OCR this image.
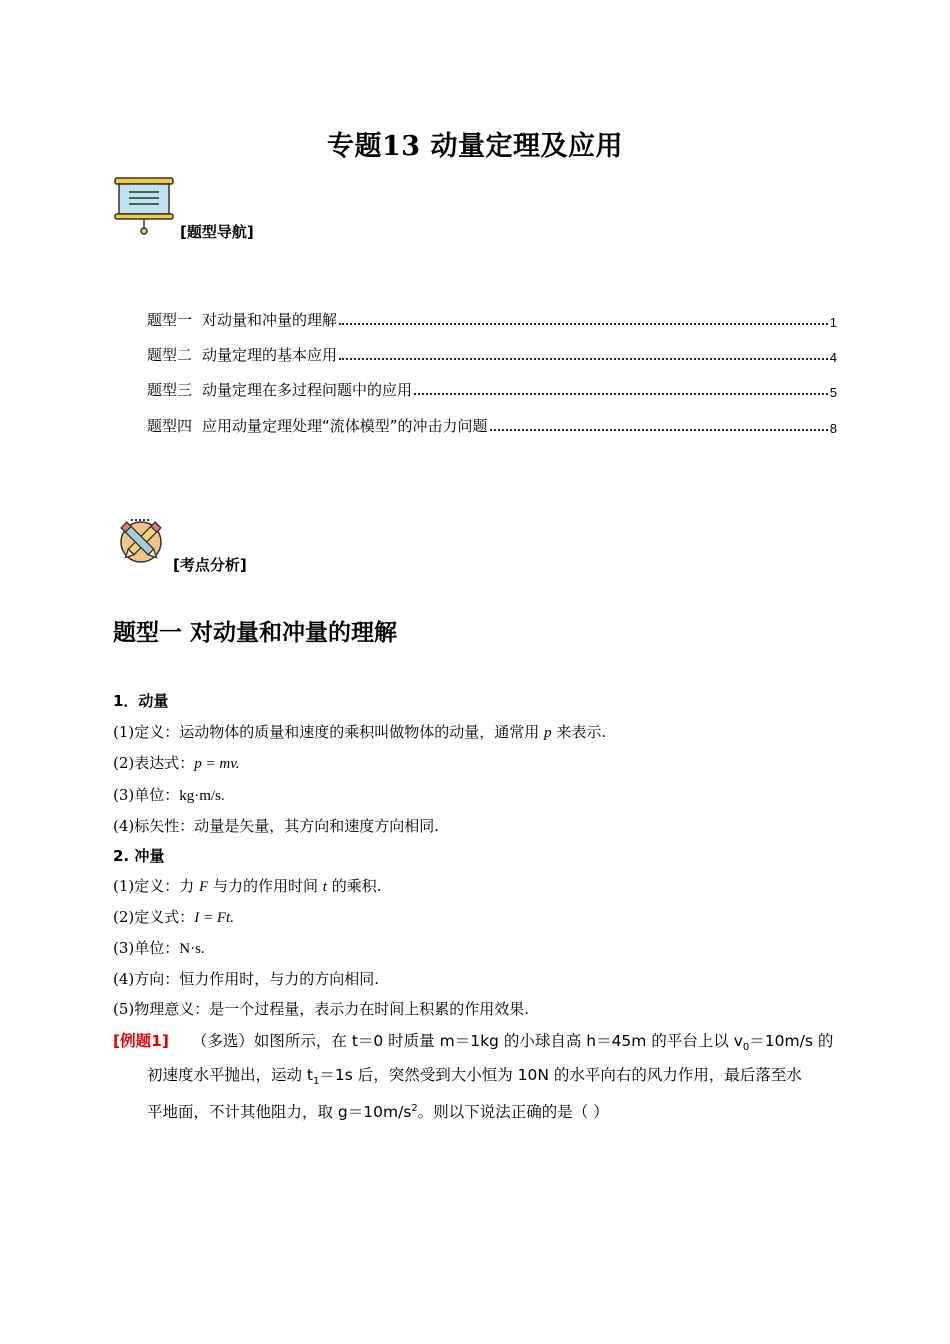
专题13 动量定理及应用
[题型导航]
题型一 对动量和冲量的理解	1
题型二 动量定理的基本应用	4
题型三 动量定理在多过程问题中的应用	5
题型四 应用动量定理处理“流体模型”的冲击力问题	8
[考点分析]
题型一 对动量和冲量的理解
1．动量
(1)定义：运动物体的质量和速度的乘积叫做物体的动量，通常用 p 来表示.
(2)表达式：p = mv.
(3)单位：kg·m/s.
(4)标矢性：动量是矢量，其方向和速度方向相同.
2. 冲量
(1)定义：力 F 与力的作用时间 t 的乘积.
(2)定义式：I = Ft.
(3)单位：N·s.
(4)方向：恒力作用时，与力的方向相同.
(5)物理意义：是一个过程量，表示力在时间上积累的作用效果.
[例题1] （多选）如图所示，在 t＝0 时质量 m＝1kg 的小球自高 h＝45m 的平台上以 $v_0=10m/s$ 的
初速度水平抛出，运动 $t_1=1s$ 后，突然受到大小恒为 10N 的水平向右的风力作用，最后落至水
平地面，不计其他阻力，取 $g=10m/s^2$。则以下说法正确的是（ ）
